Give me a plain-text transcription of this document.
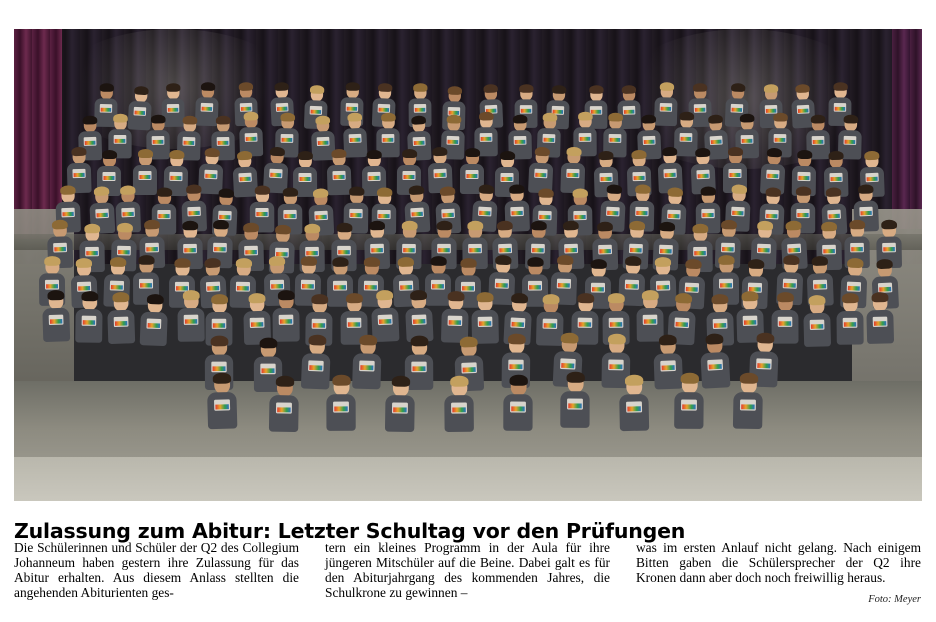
Zulassung zum Abitur: Letzter Schultag vor den Prüfungen

Die Schülerinnen und Schüler der Q2 des Collegium Johanneum haben gestern ihre Zulassung für das Abitur erhalten. Aus diesem Anlass stellten die angehenden Abiturienten ges-

tern ein kleines Programm in der Aula für ihre jüngeren Mitschüler auf die Beine. Dabei galt es für den Abiturjahrgang des kommenden Jahres, die Schulkrone zu gewinnen –

was im ersten Anlauf nicht gelang. Nach einigem Bitten gaben die Schülersprecher der Q2 ihre Kronen dann aber doch noch freiwillig heraus.

Foto: Meyer
